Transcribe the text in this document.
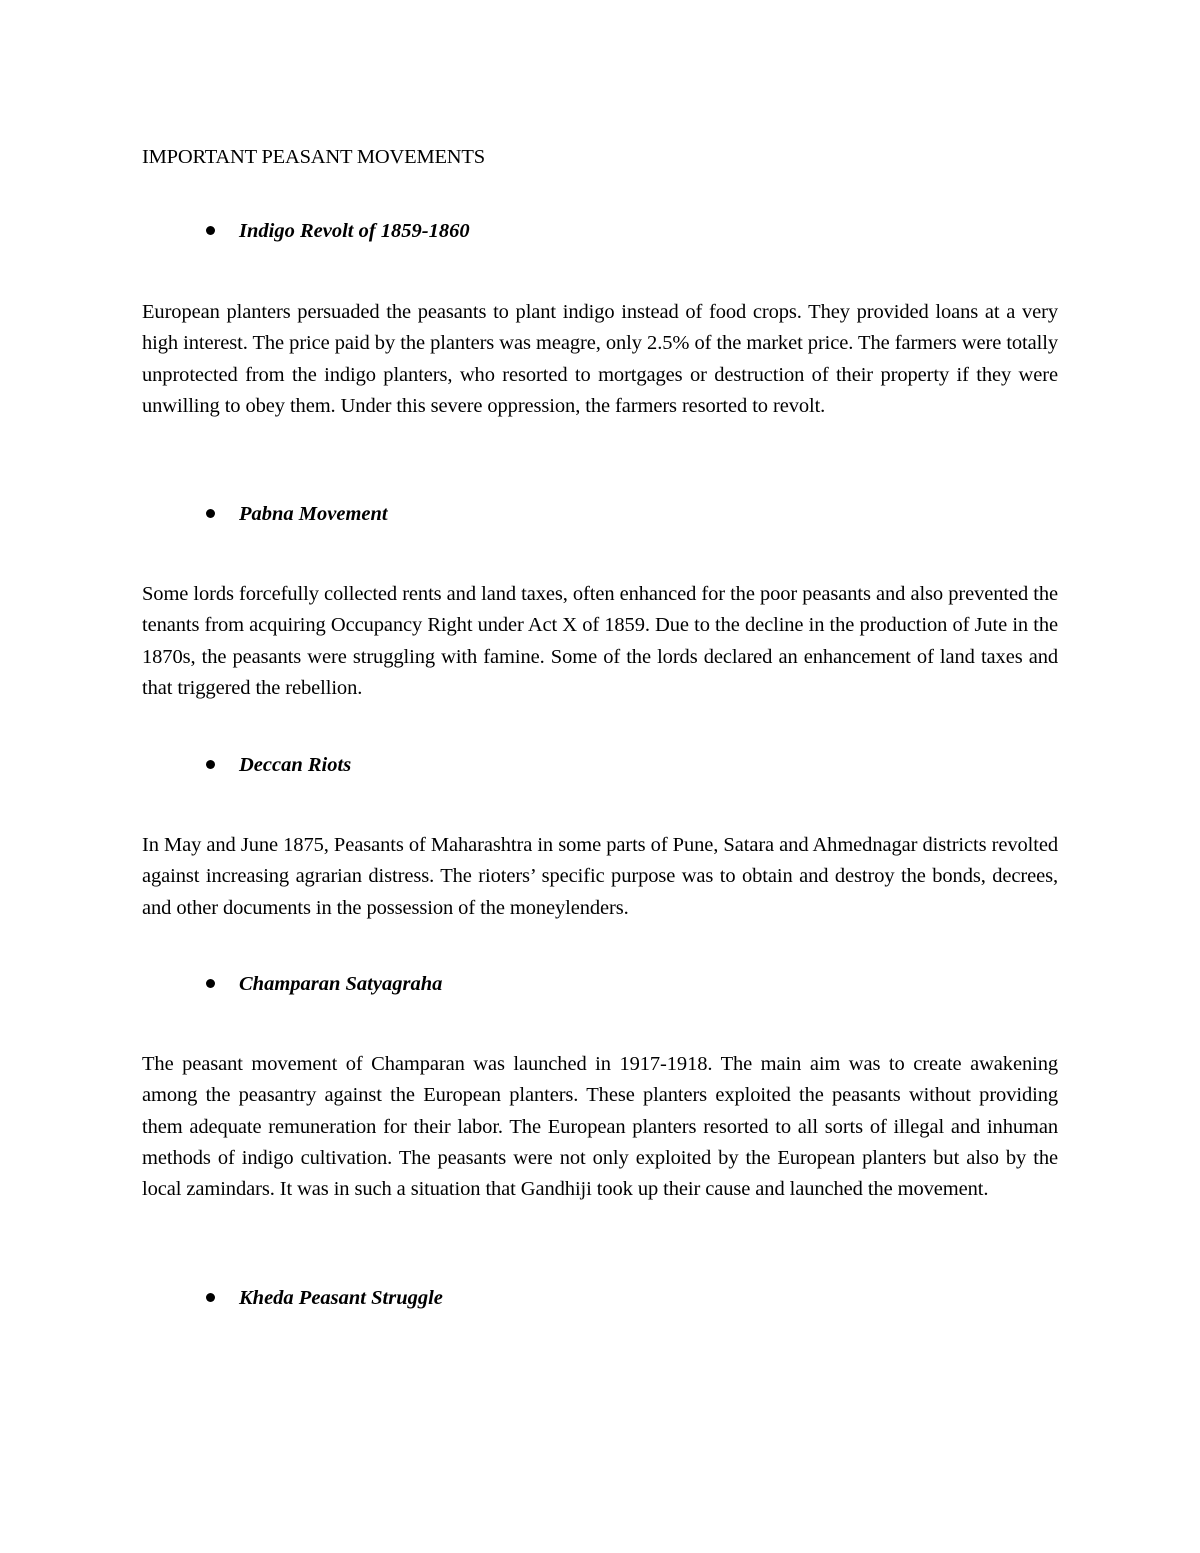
IMPORTANT PEASANT MOVEMENTS
Indigo Revolt of 1859-1860
European planters persuaded the peasants to plant indigo instead of food crops. They provided loans at a very high interest. The price paid by the planters was meagre, only 2.5% of the market price. The farmers were totally unprotected from the indigo planters, who resorted to mortgages or destruction of their property if they were unwilling to obey them. Under this severe oppression, the farmers resorted to revolt.
Pabna Movement
Some lords forcefully collected rents and land taxes, often enhanced for the poor peasants and also prevented the tenants from acquiring Occupancy Right under Act X of 1859. Due to the decline in the production of Jute in the 1870s, the peasants were struggling with famine. Some of the lords declared an enhancement of land taxes and that triggered the rebellion.
Deccan Riots
In May and June 1875, Peasants of Maharashtra in some parts of Pune, Satara and Ahmednagar districts revolted against increasing agrarian distress. The rioters’ specific purpose was to obtain and destroy the bonds, decrees, and other documents in the possession of the moneylenders.
Champaran Satyagraha
The peasant movement of Champaran was launched in 1917-1918. The main aim was to create awakening among the peasantry against the European planters. These planters exploited the peasants without providing them adequate remuneration for their labor. The European planters resorted to all sorts of illegal and inhuman methods of indigo cultivation. The peasants were not only exploited by the European planters but also by the local zamindars. It was in such a situation that Gandhiji took up their cause and launched the movement.
Kheda Peasant Struggle
